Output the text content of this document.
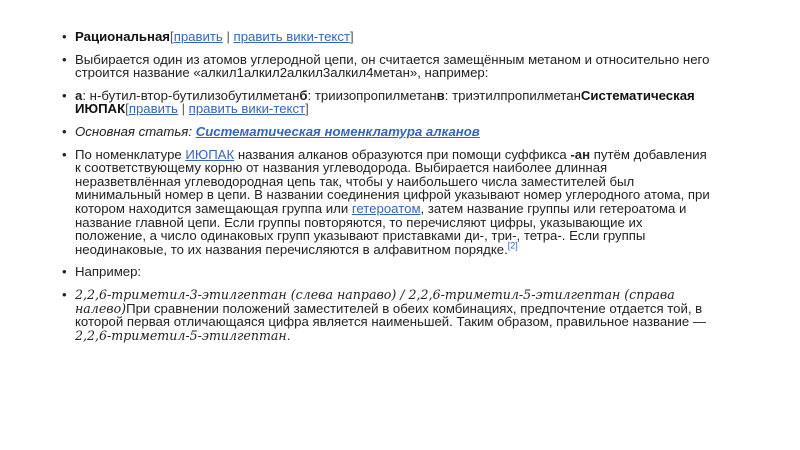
• Рациональная[править | править вики-текст]
• Выбирается один из атомов углеродной цепи, он считается замещённым метаном и относительно него строится название «алкил1алкил2алкил3алкил4метан», например:
• а: н-бутил-втор-бутилизобутилметанб: триизопропилметанв: триэтилпропилметанСистематическая ИЮПАК[править | править вики-текст]
• Основная статья: Систематическая номенклатура алканов
• По номенклатуре ИЮПАК названия алканов образуются при помощи суффикса -ан путём добавления к соответствующему корню от названия углеводорода. Выбирается наиболее длинная неразветвлённая углеводородная цепь так, чтобы у наибольшего числа заместителей был минимальный номер в цепи. В названии соединения цифрой указывают номер углеродного атома, при котором находится замещающая группа или гетероатом, затем название группы или гетероатома и название главной цепи. Если группы повторяются, то перечисляют цифры, указывающие их положение, а число одинаковых групп указывают приставками ди-, три-, тетра-. Если группы неодинаковые, то их названия перечисляются в алфавитном порядке.[2]
• Например:
• 2,2,6-триметил-3-этилгептан (слева направо) / 2,2,6-триметил-5-этилгептан (справа налево)При сравнении положений заместителей в обеих комбинациях, предпочтение отдается той, в которой первая отличающаяся цифра является наименьшей. Таким образом, правильное название — 2,2,6-триметил-5-этилгептан.
